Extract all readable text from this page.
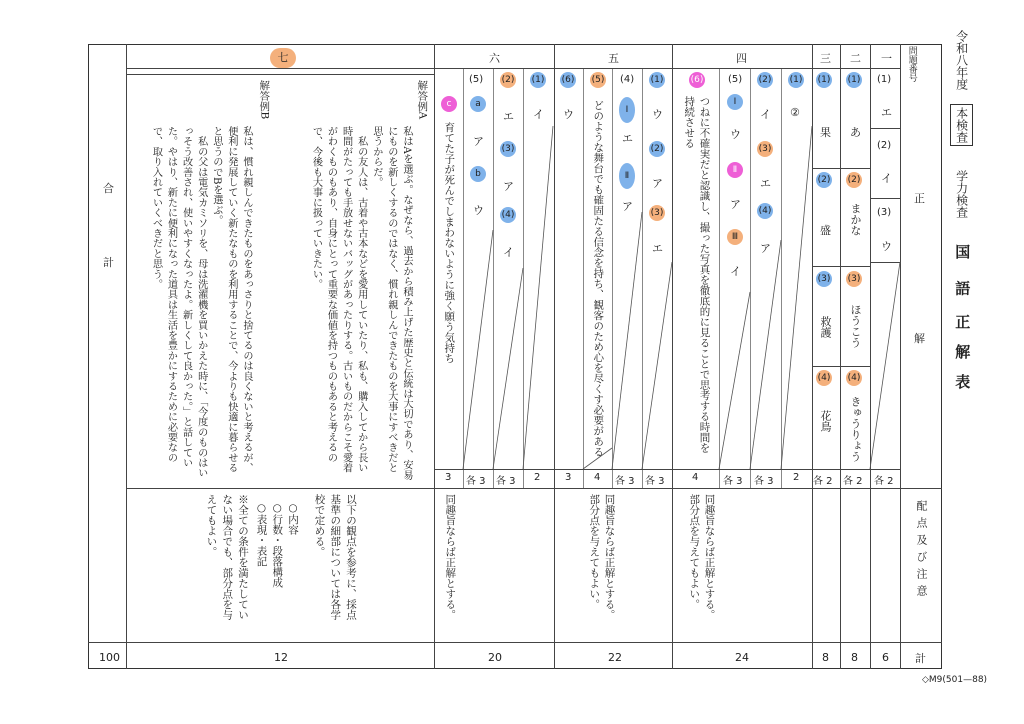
令和八年度
本検査
学力検査
国 語
正
解
表
問題番号
一
二
三
四
五
六
七
正
解
配点及び注意
計
合
計
100
(1)
エ
(2)
イ
(3)
ウ
各 2
6
(1)
あ
(2)
まかな
(3)
ほうこう
(4)
きゅうりょう
各 2
8
(1)
果
(2)
盛
(3)
救護
(4)
花鳥
各 2
8
(1)
②
(2)
イ
(3)
エ
(4)
ア
(5)
Ⅰ
ウ
Ⅱ
ア
Ⅲ
イ
(6)
つねに不確実だと認識し、撮った写真を徹底的に見ることで思考する時間を持続させる
4 各 3 各 3 2
同趣旨ならば正解とする。部分点を与えてもよい。
24
(1)
ウ
(2)
ア
(3)
エ
(4)
Ⅰ
エ
Ⅱ
ア
(5)
どのような舞台でも確固たる信念を持ち、観客のため心を尽くす必要がある
(6)
ウ
3 4 各 3 各 3
同趣旨ならば正解とする。部分点を与えてもよい。
22
(1)
イ
(2)
エ
(3)
ア
(4)
イ
(5)
a
ア
b
ウ
c
育てた子が死んでしまわないように強く願う気持ち
3 各 3 各 3 2
同趣旨ならば正解とする。
20
解答例A
私はAを選ぶ。なぜなら、過去から積み上げた歴史と伝統は大切であり、安易にものを新しくするのではなく、慣れ親しんできたものを大事にすべきだと思うからだ。
　私の友人は、古着や古本などを愛用していたり、私も、購入してから長い時間がたっても手放せないバッグがあったりする。古いものだからこそ愛着がわくものもあり、自身にとって重要な価値を持つものもあると考えるので、今後も大事に扱っていきたい。
解答例B
私は、慣れ親しんできたものをあっさりと捨てるのは良くないと考えるが、便利に発展していく新たなものを利用することで、今よりも快適に暮らせると思うのでBを選ぶ。
　私の父は電気カミソリを、母は洗濯機を買いかえた時に、「今度のものはいっそう改善され、使いやすくなったよ。新しくして良かった。」と話していた。やはり、新たに便利になった道具は生活を豊かにするために必要なので、取り入れていくべきだと思う。
以下の観点を参考に、採点基準の細部については各学校で定める。
○内容
○行数・段落構成
○表現・表記
※全ての条件を満たしていない場合でも、部分点を与えてもよい。
12
◇M9(501—88)
